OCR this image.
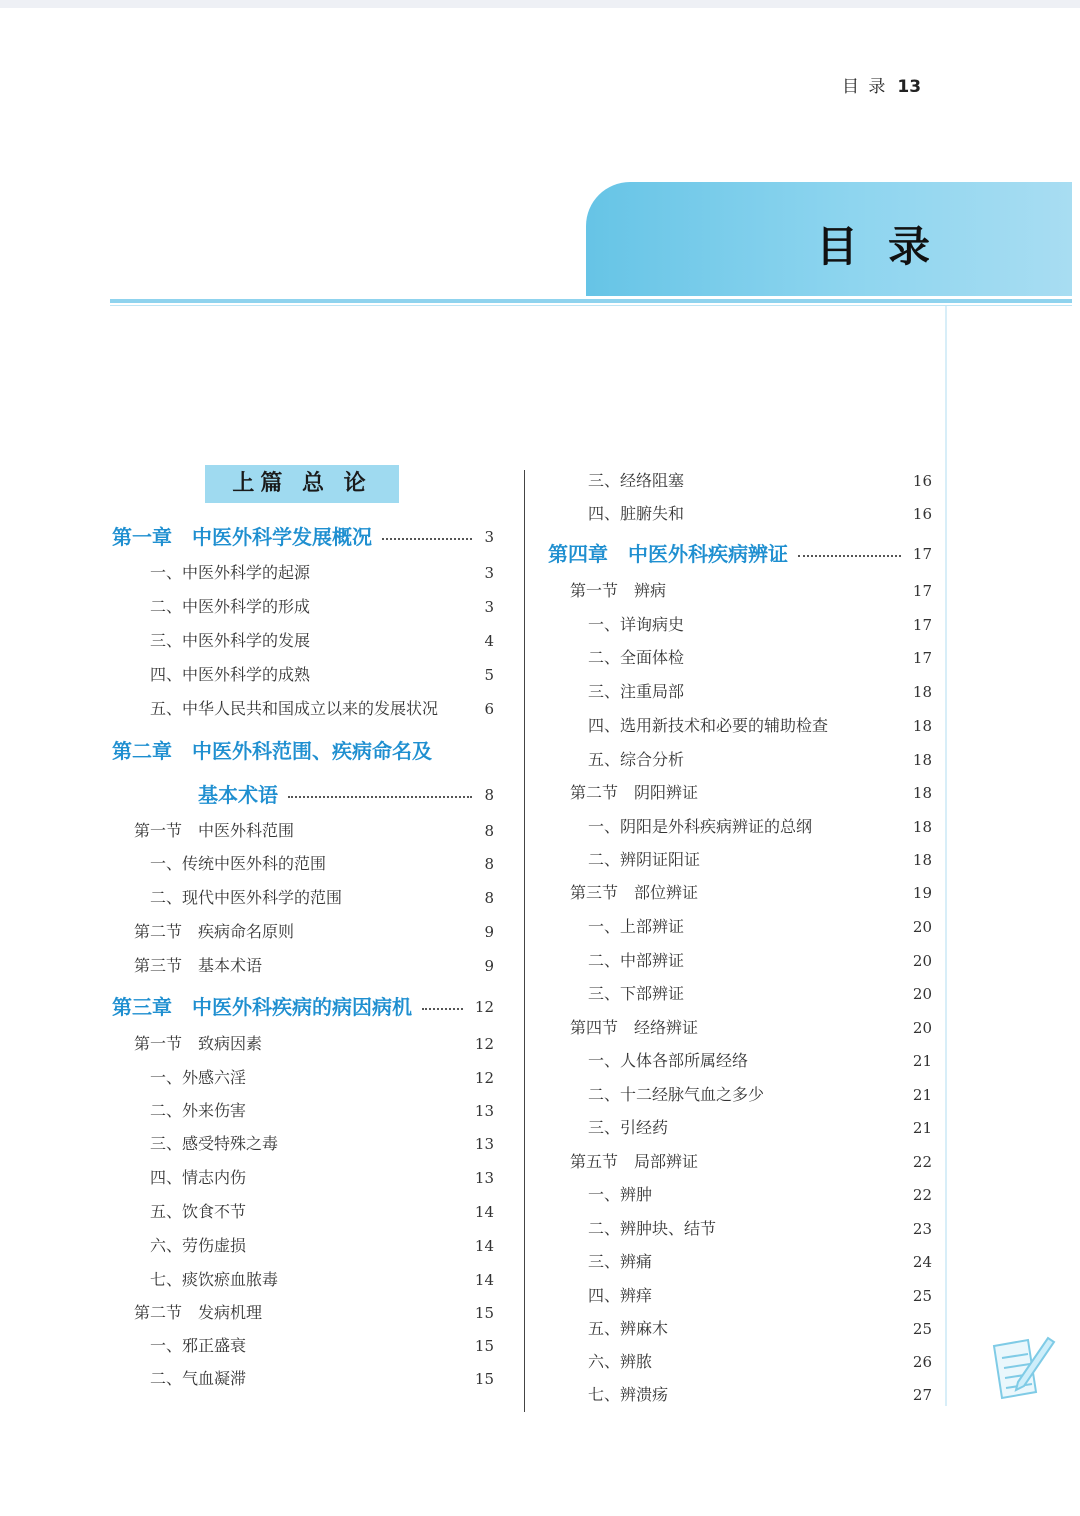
目 录 13
目录
上篇 总 论
第一章　中医外科学发展概况	3
一、中医外科学的起源	3
二、中医外科学的形成	3
三、中医外科学的发展	4
四、中医外科学的成熟	5
五、中华人民共和国成立以来的发展状况	6
第二章　中医外科范围、疾病命名及
基本术语	8
第一节　中医外科范围	8
一、传统中医外科的范围	8
二、现代中医外科学的范围	8
第二节　疾病命名原则	9
第三节　基本术语	9
第三章　中医外科疾病的病因病机	12
第一节　致病因素	12
一、外感六淫	12
二、外来伤害	13
三、感受特殊之毒	13
四、情志内伤	13
五、饮食不节	14
六、劳伤虚损	14
七、痰饮瘀血脓毒	14
第二节　发病机理	15
一、邪正盛衰	15
二、气血凝滞	15
三、经络阻塞	16
四、脏腑失和	16
第四章　中医外科疾病辨证	17
第一节　辨病	17
一、详询病史	17
二、全面体检	17
三、注重局部	18
四、选用新技术和必要的辅助检查	18
五、综合分析	18
第二节　阴阳辨证	18
一、阴阳是外科疾病辨证的总纲	18
二、辨阴证阳证	18
第三节　部位辨证	19
一、上部辨证	20
二、中部辨证	20
三、下部辨证	20
第四节　经络辨证	20
一、人体各部所属经络	21
二、十二经脉气血之多少	21
三、引经药	21
第五节　局部辨证	22
一、辨肿	22
二、辨肿块、结节	23
三、辨痛	24
四、辨痒	25
五、辨麻木	25
六、辨脓	26
七、辨溃疡	27
